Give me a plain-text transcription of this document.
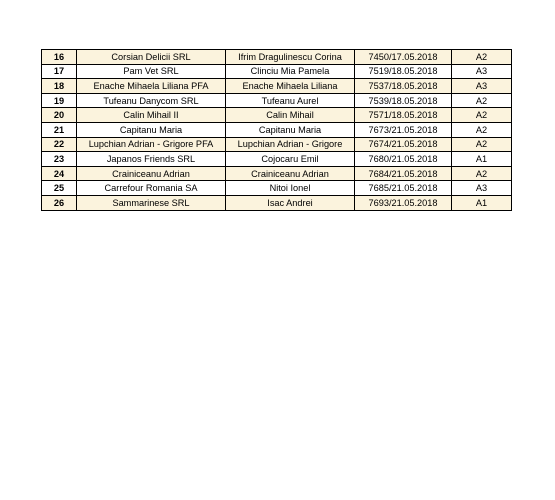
16	Corsian Delicii SRL	Ifrim Dragulinescu Corina	7450/17.05.2018	A2
17	Pam Vet SRL	Clinciu Mia Pamela	7519/18.05.2018	A3
18	Enache Mihaela Liliana PFA	Enache Mihaela Liliana	7537/18.05.2018	A3
19	Tufeanu Danycom SRL	Tufeanu Aurel	7539/18.05.2018	A2
20	Calin Mihail II	Calin Mihail	7571/18.05.2018	A2
21	Capitanu Maria	Capitanu Maria	7673/21.05.2018	A2
22	Lupchian Adrian - Grigore PFA	Lupchian Adrian - Grigore	7674/21.05.2018	A2
23	Japanos Friends SRL	Cojocaru Emil	7680/21.05.2018	A1
24	Crainiceanu Adrian	Crainiceanu Adrian	7684/21.05.2018	A2
25	Carrefour Romania SA	Nitoi Ionel	7685/21.05.2018	A3
26	Sammarinese SRL	Isac Andrei	7693/21.05.2018	A1
